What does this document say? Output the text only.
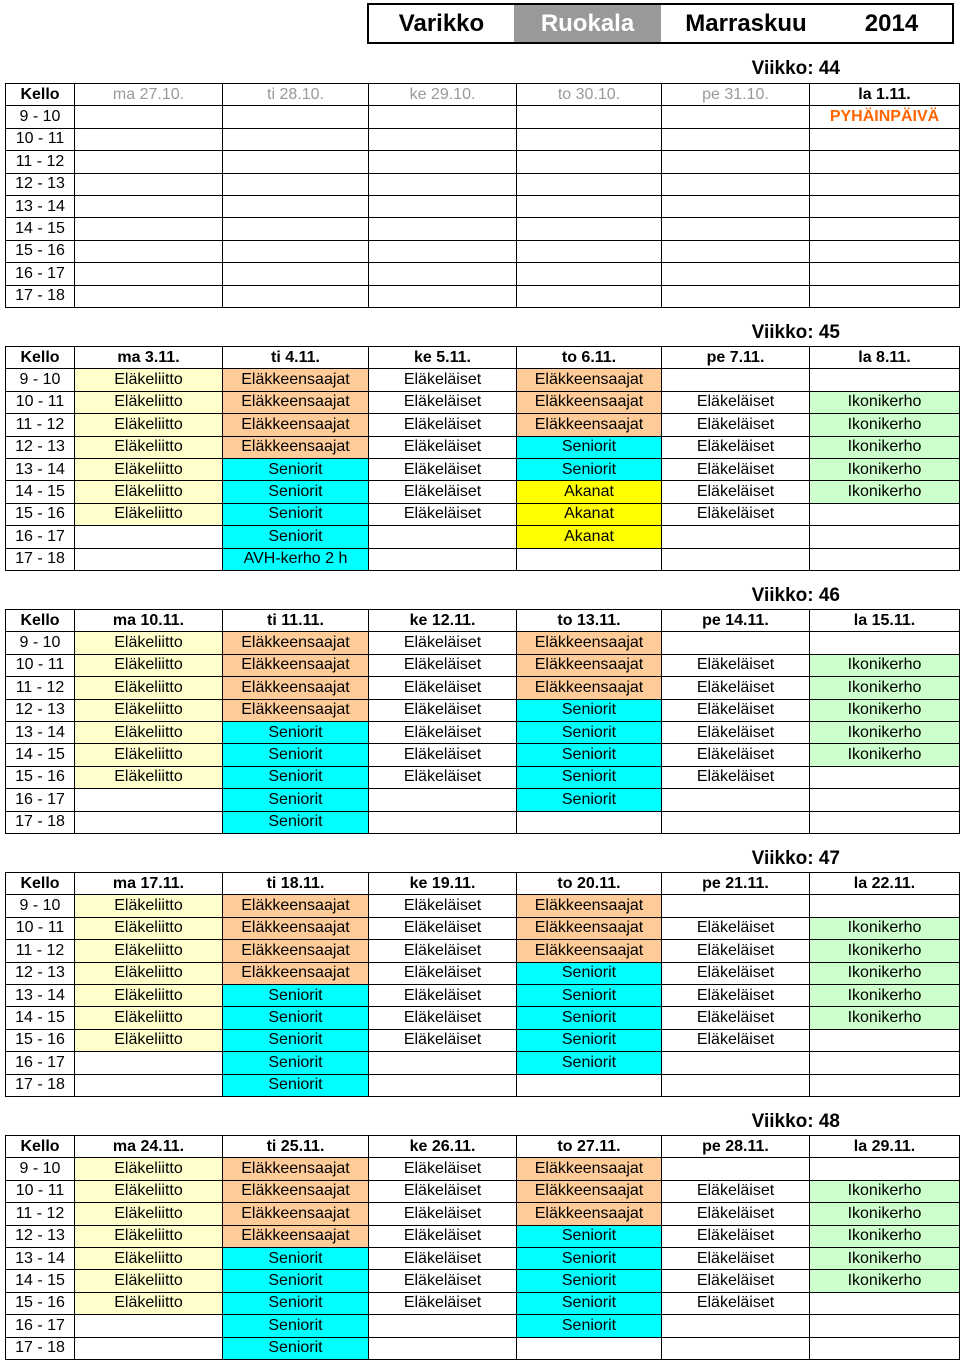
Varikko	Ruokala	Marraskuu	2014
Viikko: 44
Kello	ma 27.10.	ti 28.10.	ke 29.10.	to 30.10.	pe 31.10.	la 1.11.
9 - 10						PYHÄINPÄIVÄ
10 - 11						
11 - 12						
12 - 13						
13 - 14						
14 - 15						
15 - 16						
16 - 17						
17 - 18						
Viikko: 45
Kello	ma 3.11.	ti 4.11.	ke 5.11.	to 6.11.	pe 7.11.	la 8.11.
9 - 10	Eläkeliitto	Eläkkeensaajat	Eläkeläiset	Eläkkeensaajat		
10 - 11	Eläkeliitto	Eläkkeensaajat	Eläkeläiset	Eläkkeensaajat	Eläkeläiset	Ikonikerho
11 - 12	Eläkeliitto	Eläkkeensaajat	Eläkeläiset	Eläkkeensaajat	Eläkeläiset	Ikonikerho
12 - 13	Eläkeliitto	Eläkkeensaajat	Eläkeläiset	Seniorit	Eläkeläiset	Ikonikerho
13 - 14	Eläkeliitto	Seniorit	Eläkeläiset	Seniorit	Eläkeläiset	Ikonikerho
14 - 15	Eläkeliitto	Seniorit	Eläkeläiset	Akanat	Eläkeläiset	Ikonikerho
15 - 16	Eläkeliitto	Seniorit	Eläkeläiset	Akanat	Eläkeläiset	
16 - 17		Seniorit		Akanat		
17 - 18		AVH-kerho 2 h				
Viikko: 46
Kello	ma 10.11.	ti 11.11.	ke 12.11.	to 13.11.	pe 14.11.	la 15.11.
9 - 10	Eläkeliitto	Eläkkeensaajat	Eläkeläiset	Eläkkeensaajat		
10 - 11	Eläkeliitto	Eläkkeensaajat	Eläkeläiset	Eläkkeensaajat	Eläkeläiset	Ikonikerho
11 - 12	Eläkeliitto	Eläkkeensaajat	Eläkeläiset	Eläkkeensaajat	Eläkeläiset	Ikonikerho
12 - 13	Eläkeliitto	Eläkkeensaajat	Eläkeläiset	Seniorit	Eläkeläiset	Ikonikerho
13 - 14	Eläkeliitto	Seniorit	Eläkeläiset	Seniorit	Eläkeläiset	Ikonikerho
14 - 15	Eläkeliitto	Seniorit	Eläkeläiset	Seniorit	Eläkeläiset	Ikonikerho
15 - 16	Eläkeliitto	Seniorit	Eläkeläiset	Seniorit	Eläkeläiset	
16 - 17		Seniorit		Seniorit		
17 - 18		Seniorit				
Viikko: 47
Kello	ma 17.11.	ti 18.11.	ke 19.11.	to 20.11.	pe 21.11.	la 22.11.
9 - 10	Eläkeliitto	Eläkkeensaajat	Eläkeläiset	Eläkkeensaajat		
10 - 11	Eläkeliitto	Eläkkeensaajat	Eläkeläiset	Eläkkeensaajat	Eläkeläiset	Ikonikerho
11 - 12	Eläkeliitto	Eläkkeensaajat	Eläkeläiset	Eläkkeensaajat	Eläkeläiset	Ikonikerho
12 - 13	Eläkeliitto	Eläkkeensaajat	Eläkeläiset	Seniorit	Eläkeläiset	Ikonikerho
13 - 14	Eläkeliitto	Seniorit	Eläkeläiset	Seniorit	Eläkeläiset	Ikonikerho
14 - 15	Eläkeliitto	Seniorit	Eläkeläiset	Seniorit	Eläkeläiset	Ikonikerho
15 - 16	Eläkeliitto	Seniorit	Eläkeläiset	Seniorit	Eläkeläiset	
16 - 17		Seniorit		Seniorit		
17 - 18		Seniorit				
Viikko: 48
Kello	ma 24.11.	ti 25.11.	ke 26.11.	to 27.11.	pe 28.11.	la 29.11.
9 - 10	Eläkeliitto	Eläkkeensaajat	Eläkeläiset	Eläkkeensaajat		
10 - 11	Eläkeliitto	Eläkkeensaajat	Eläkeläiset	Eläkkeensaajat	Eläkeläiset	Ikonikerho
11 - 12	Eläkeliitto	Eläkkeensaajat	Eläkeläiset	Eläkkeensaajat	Eläkeläiset	Ikonikerho
12 - 13	Eläkeliitto	Eläkkeensaajat	Eläkeläiset	Seniorit	Eläkeläiset	Ikonikerho
13 - 14	Eläkeliitto	Seniorit	Eläkeläiset	Seniorit	Eläkeläiset	Ikonikerho
14 - 15	Eläkeliitto	Seniorit	Eläkeläiset	Seniorit	Eläkeläiset	Ikonikerho
15 - 16	Eläkeliitto	Seniorit	Eläkeläiset	Seniorit	Eläkeläiset	
16 - 17		Seniorit		Seniorit		
17 - 18		Seniorit				
